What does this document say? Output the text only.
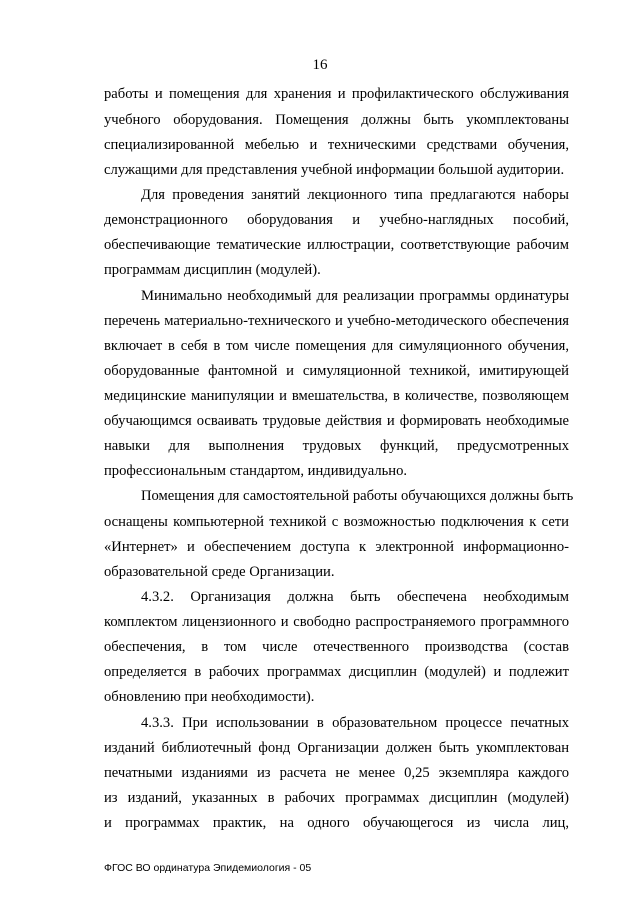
16
работы и помещения для хранения и профилактического обслуживания
учебного оборудования. Помещения должны быть укомплектованы
специализированной мебелью и техническими средствами обучения,
служащими для представления учебной информации большой аудитории.
Для проведения занятий лекционного типа предлагаются наборы
демонстрационного оборудования и учебно-наглядных пособий,
обеспечивающие тематические иллюстрации, соответствующие рабочим
программам дисциплин (модулей).
Минимально необходимый для реализации программы ординатуры
перечень материально-технического и учебно-методического обеспечения
включает в себя в том числе помещения для симуляционного обучения,
оборудованные фантомной и симуляционной техникой, имитирующей
медицинские манипуляции и вмешательства, в количестве, позволяющем
обучающимся осваивать трудовые действия и формировать необходимые
навыки для выполнения трудовых функций, предусмотренных
профессиональным стандартом, индивидуально.
Помещения для самостоятельной работы обучающихся должны быть
оснащены компьютерной техникой с возможностью подключения к сети
«Интернет» и обеспечением доступа к электронной информационно-
образовательной среде Организации.
4.3.2. Организация должна быть обеспечена необходимым
комплектом лицензионного и свободно распространяемого программного
обеспечения, в том числе отечественного производства (состав
определяется в рабочих программах дисциплин (модулей) и подлежит
обновлению при необходимости).
4.3.3. При использовании в образовательном процессе печатных
изданий библиотечный фонд Организации должен быть укомплектован
печатными изданиями из расчета не менее 0,25 экземпляра каждого
из изданий, указанных в рабочих программах дисциплин (модулей)
и программах практик, на одного обучающегося из числа лиц,
ФГОС ВО ординатура Эпидемиология - 05
